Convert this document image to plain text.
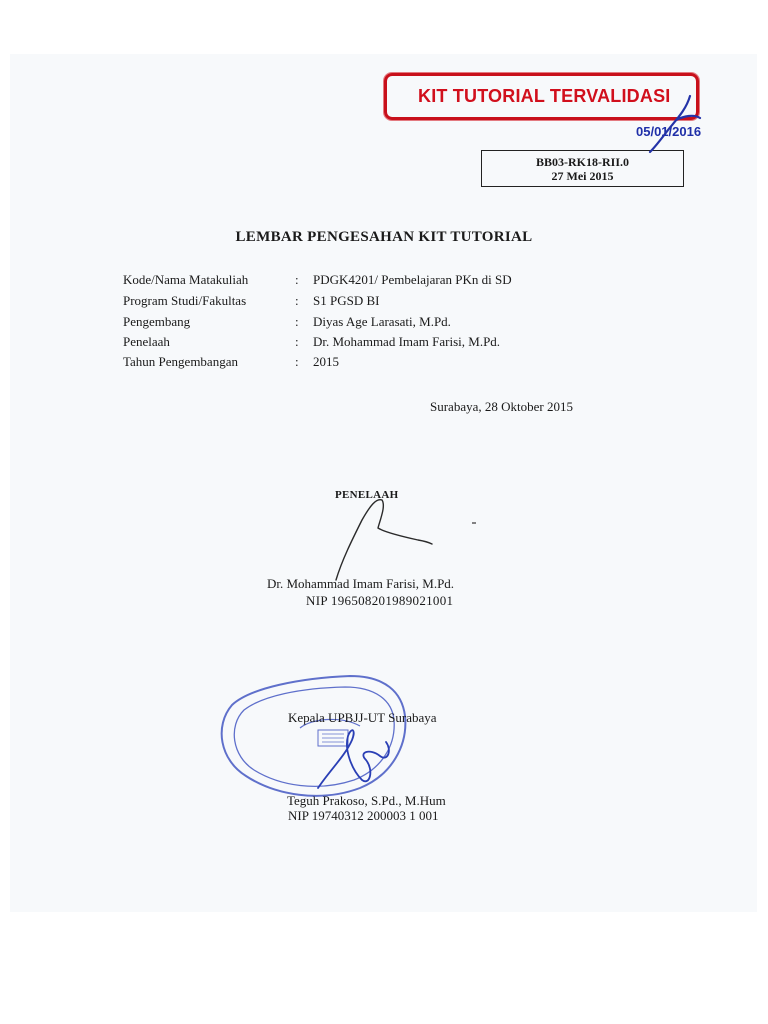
KIT TUTORIAL TERVALIDASI
05/01/2016
BB03-RK18-RII.0
27 Mei 2015
LEMBAR PENGESAHAN KIT TUTORIAL
Kode/Nama Matakuliah	: PDGK4201/ Pembelajaran PKn di SD
Program Studi/Fakultas	: S1 PGSD BI
Pengembang	: Diyas Age Larasati, M.Pd.
Penelaah	: Dr. Mohammad Imam Farisi, M.Pd.
Tahun Pengembangan	: 2015
Surabaya, 28 Oktober 2015
PENELAAH
Dr. Mohammad Imam Farisi, M.Pd.
NIP 196508201989021001
Kepala UPBJJ-UT Surabaya
Teguh Prakoso, S.Pd., M.Hum
NIP 19740312 200003 1 001
